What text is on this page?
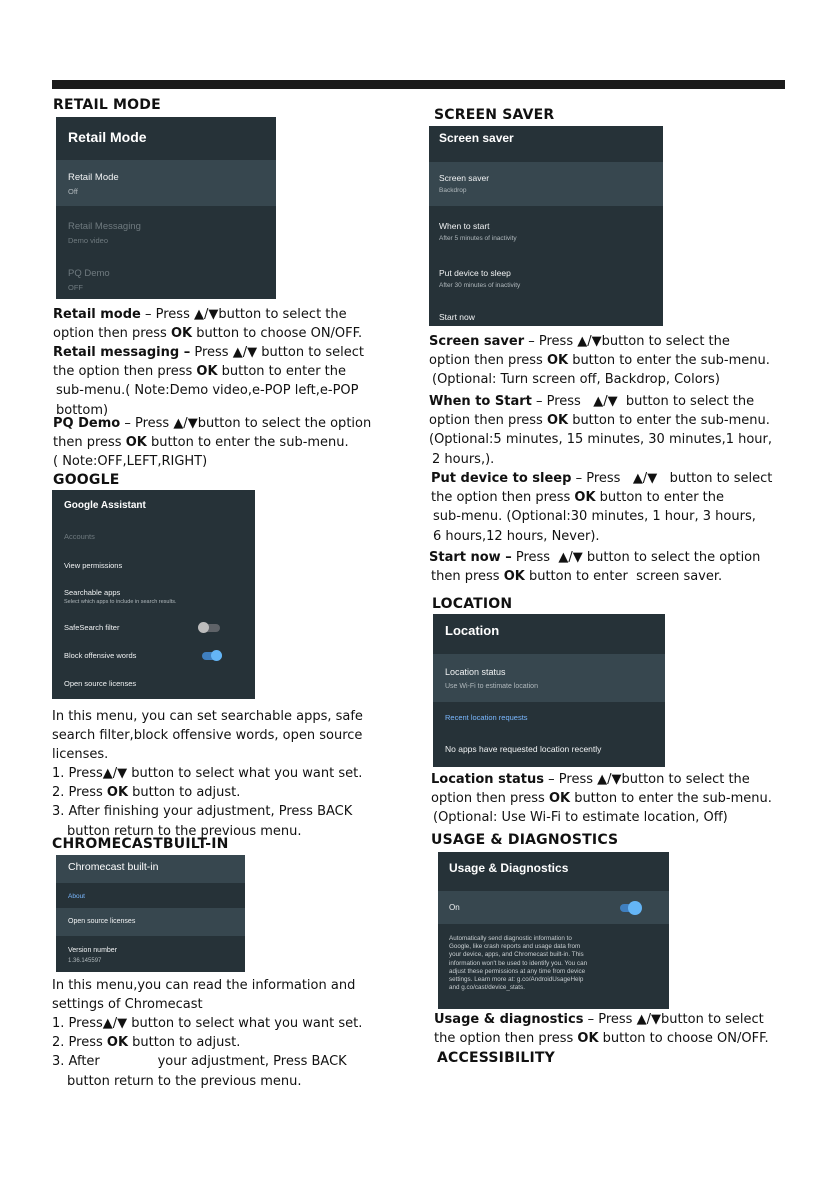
RETAIL MODE
Retail Mode
Retail Mode
Off
Retail Messaging
Demo video
PQ Demo
OFF
Retail mode – Press ▲/▼button to select the
option then press OK button to choose ON/OFF.
Retail messaging – Press ▲/▼ button to select
the option then press OK button to enter the
sub-menu.( Note:Demo video,e-POP left,e-POP
bottom)
PQ Demo – Press ▲/▼button to select the option
then press OK button to enter the sub-menu.
( Note:OFF,LEFT,RIGHT)
GOOGLE
Google Assistant
Accounts
View permissions
Searchable apps
Select which apps to include in search results.
SafeSearch filter
Block offensive words
Open source licenses
In this menu, you can set searchable apps, safe
search filter,block offensive words, open source
licenses.
1. Press▲/▼ button to select what you want set.
2. Press OK button to adjust.
3. After finishing your adjustment, Press BACK
button return to the previous menu.
CHROMECASTBUILT-IN
Chromecast built-in
About
Open source licenses
Version number
1.36.145597
In this menu,you can read the information and
settings of Chromecast
1. Press▲/▼ button to select what you want set.
2. Press OK button to adjust.
3. After              your adjustment, Press BACK
button return to the previous menu.
SCREEN SAVER
Screen saver
Screen saver
Backdrop
When to start
After 5 minutes of inactivity
Put device to sleep
After 30 minutes of inactivity
Start now
Screen saver – Press ▲/▼button to select the
option then press OK button to enter the sub-menu.
(Optional: Turn screen off, Backdrop, Colors)
When to Start – Press   ▲/▼  button to select the
option then press OK button to enter the sub-menu.
(Optional:5 minutes, 15 minutes, 30 minutes,1 hour,
2 hours,).
Put device to sleep – Press   ▲/▼   button to select
the option then press OK button to enter the
sub-menu. (Optional:30 minutes, 1 hour, 3 hours,
6 hours,12 hours, Never).
Start now – Press  ▲/▼ button to select the option
then press OK button to enter  screen saver.
LOCATION
Location
Location status
Use Wi-Fi to estimate location
Recent location requests
No apps have requested location recently
Location status – Press ▲/▼button to select the
option then press OK button to enter the sub-menu.
(Optional: Use Wi-Fi to estimate location, Off)
USAGE & DIAGNOSTICS
Usage & Diagnostics
On
Automatically send diagnostic information to
Google, like crash reports and usage data from
your device, apps, and Chromecast built-in. This
information won't be used to identify you. You can
adjust these permissions at any time from device
settings. Learn more at: g.co/AndroidUsageHelp
and g.co/cast/device_stats.
Usage & diagnostics – Press ▲/▼button to select
the option then press OK button to choose ON/OFF.
ACCESSIBILITY
